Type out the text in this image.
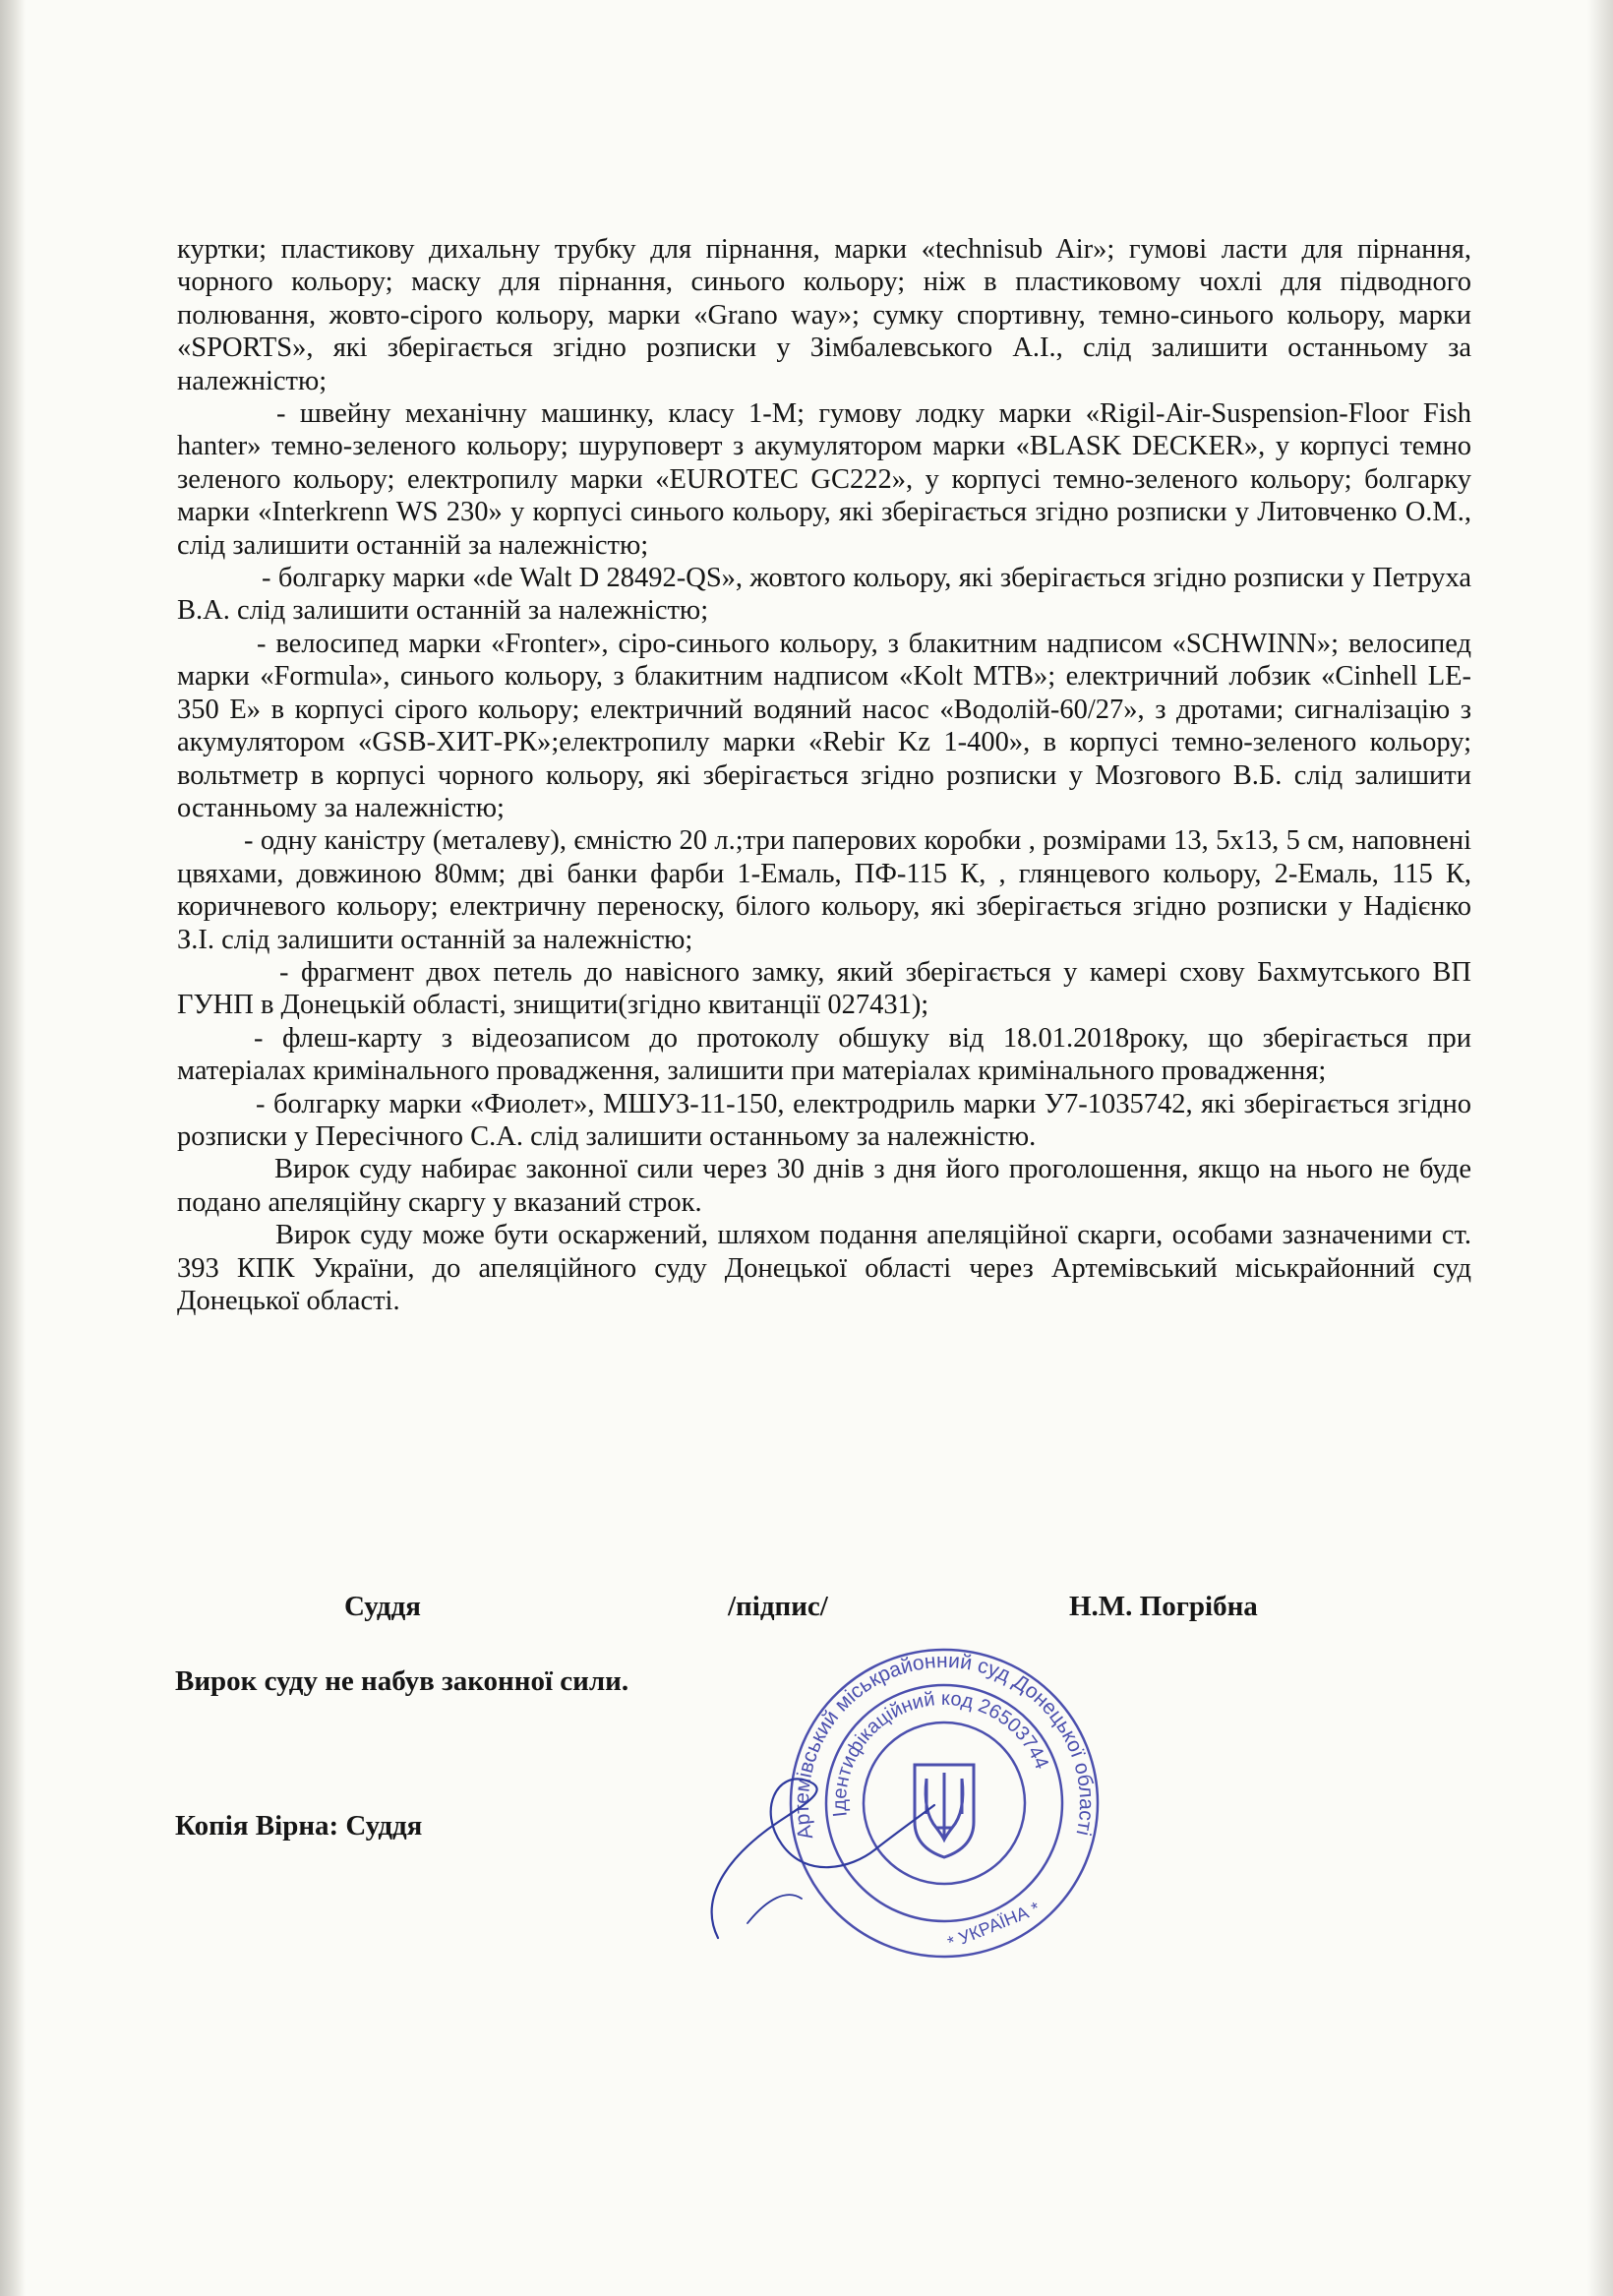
куртки; пластикову дихальну трубку для пірнання, марки «technisub Air»; гумові ласти для пірнання, чорного кольору; маску для пірнання, синього кольору; ніж в пластиковому чохлі для підводного полювання, жовто-сірого кольору, марки «Grano way»; сумку спортивну, темно-синього кольору, марки «SPORTS», які зберігається згідно розписки у Зімбалевського А.І., слід залишити останньому за належністю;

- швейну механічну машинку, класу 1-М; гумову лодку марки «Rigil-Air-Suspension-Floor Fish hanter» темно-зеленого кольору; шуруповерт з акумулятором марки «BLASK DECKER», у корпусі темно зеленого кольору; електропилу марки «EUROTEC GC222», у корпусі темно-зеленого кольору; болгарку марки «Interkrenn WS 230» у корпусі синього кольору, які зберігається згідно розписки у Литовченко О.М., слід залишити останній за належністю;

- болгарку марки «de Walt D 28492-QS», жовтого кольору, які зберігається згідно розписки у Петруха В.А. слід залишити останній за належністю;

- велосипед марки «Fronter», сіро-синього кольору, з блакитним надписом «SCHWINN»; велосипед марки «Formula», синього кольору, з блакитним надписом «Kolt MTB»; електричний лобзик «Cinhell LE-350 E» в корпусі сірого кольору; електричний водяний насос «Водолій-60/27», з дротами; сигналізацію з акумулятором «GSB-ХИТ-РК»;електропилу марки «Rebir Kz 1-400», в корпусі темно-зеленого кольору; вольтметр в корпусі чорного кольору, які зберігається згідно розписки у Мозгового В.Б. слід залишити останньому за належністю;

- одну каністру (металеву), ємністю 20 л.;три паперових коробки , розмірами 13, 5х13, 5 см, наповнені цвяхами, довжиною 80мм; дві банки фарби 1-Емаль, ПФ-115 К, , глянцевого кольору, 2-Емаль, 115 К, коричневого кольору; електричну переноску, білого кольору, які зберігається згідно розписки у Надієнко З.І. слід залишити останній за належністю;

- фрагмент двох петель до навісного замку, який зберігається у камері схову Бахмутського ВП ГУНП в Донецькій області, знищити(згідно квитанції 027431);

- флеш-карту з відеозаписом до протоколу обшуку від 18.01.2018року, що зберігається при матеріалах кримінального провадження, залишити при матеріалах кримінального провадження;

- болгарку марки «Фиолет», МШУЗ-11-150, електродриль марки У7-1035742, які зберігається згідно розписки у Пересічного С.А. слід залишити останньому за належністю.

Вирок суду набирає законної сили через 30 днів з дня його проголошення, якщо на нього не буде подано апеляційну скаргу у вказаний строк.

Вирок суду може бути оскаржений, шляхом подання апеляційної скарги, особами зазначеними ст. 393 КПК України, до апеляційного суду Донецької області через Артемівський міськрайонний суд Донецької області.

Суддя	/підпис/	Н.М. Погрібна
Вирок суду не набув законної сили.
Копія Вірна: Суддя	Артемівський міськрайонний суд Донецької області
Ідентифікаційний код 26503744
* УКРАЇНА *
